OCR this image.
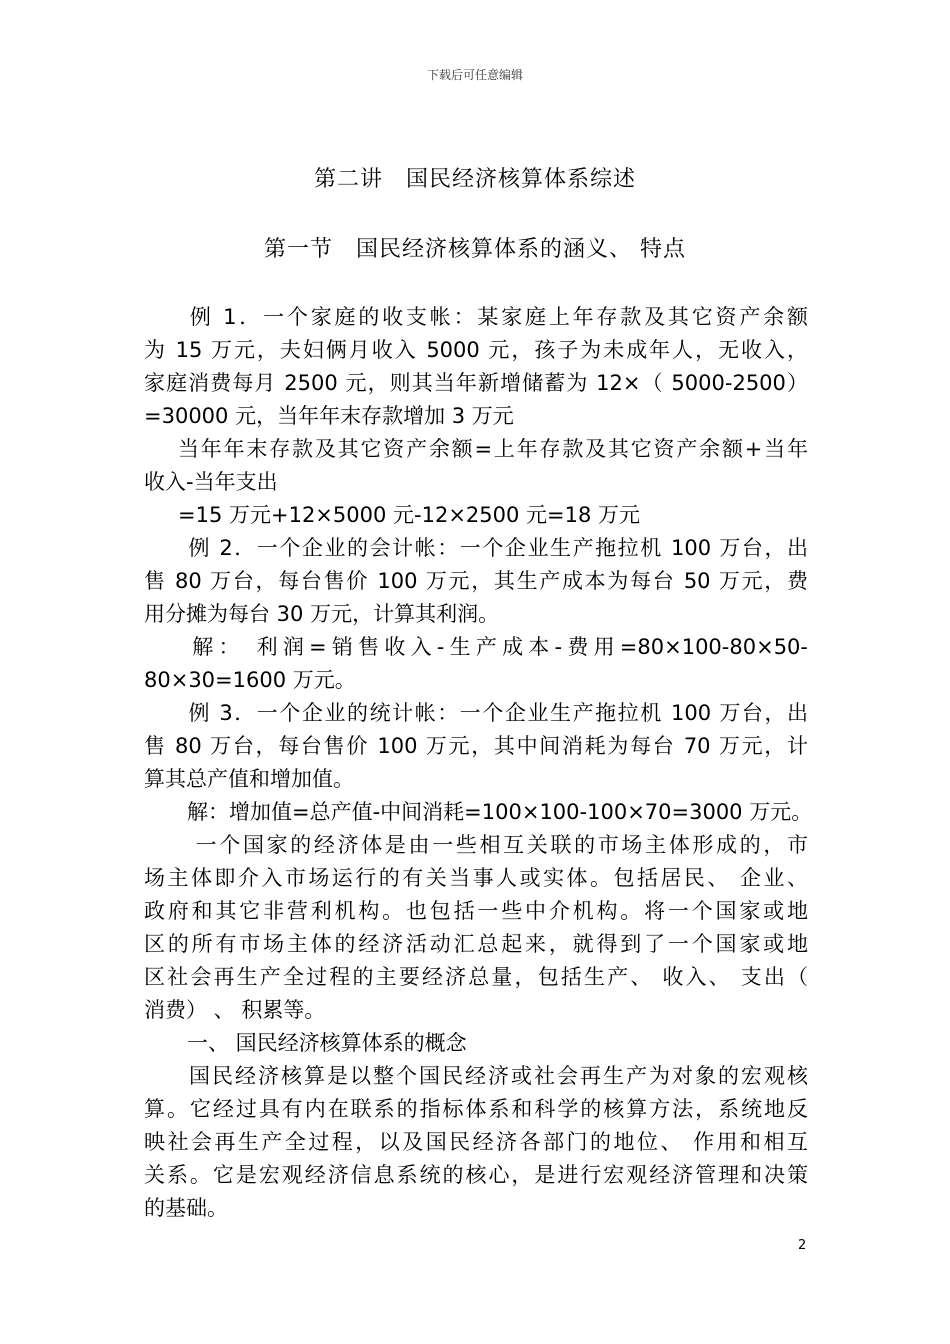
下载后可任意编辑
第二讲　国民经济核算体系综述
第一节　国民经济核算体系的涵义、 特点
　例 1．一个家庭的收支帐：某家庭上年存款及其它资产余额
为 15 万元，夫妇俩月收入 5000 元，孩子为未成年人，无收入，
家庭消费每月 2500 元，则其当年新增储蓄为 12×（ 5000-2500）
=30000 元，当年年末存款增加 3 万元
当年年末存款及其它资产余额=上年存款及其它资产余额+当年
收入-当年支出
=15 万元+12×5000 元-12×2500 元=18 万元
　例 2．一个企业的会计帐：一个企业生产拖拉机 100 万台，出
售 80 万台，每台售价 100 万元，其生产成本为每台 50 万元，费
用分摊为每台 30 万元，计算其利润。
　解： 利润=销售收入-生产成本-费用=80×100-80×50-
80×30=1600 万元。
　例 3．一个企业的统计帐：一个企业生产拖拉机 100 万台，出
售 80 万台，每台售价 100 万元，其中间消耗为每台 70 万元，计
算其总产值和增加值。
　解：增加值=总产值-中间消耗=100×100-100×70=3000 万元。
　一个国家的经济体是由一些相互关联的市场主体形成的，市
场主体即介入市场运行的有关当事人或实体。包括居民、 企业、
政府和其它非营利机构。也包括一些中介机构。将一个国家或地
区的所有市场主体的经济活动汇总起来，就得到了一个国家或地
区社会再生产全过程的主要经济总量，包括生产、 收入、 支出（
消费） 、 积累等。
　一、 国民经济核算体系的概念
　国民经济核算是以整个国民经济或社会再生产为对象的宏观核
算。它经过具有内在联系的指标体系和科学的核算方法，系统地反
映社会再生产全过程，以及国民经济各部门的地位、 作用和相互
关系。它是宏观经济信息系统的核心，是进行宏观经济管理和决策
的基础。
2
